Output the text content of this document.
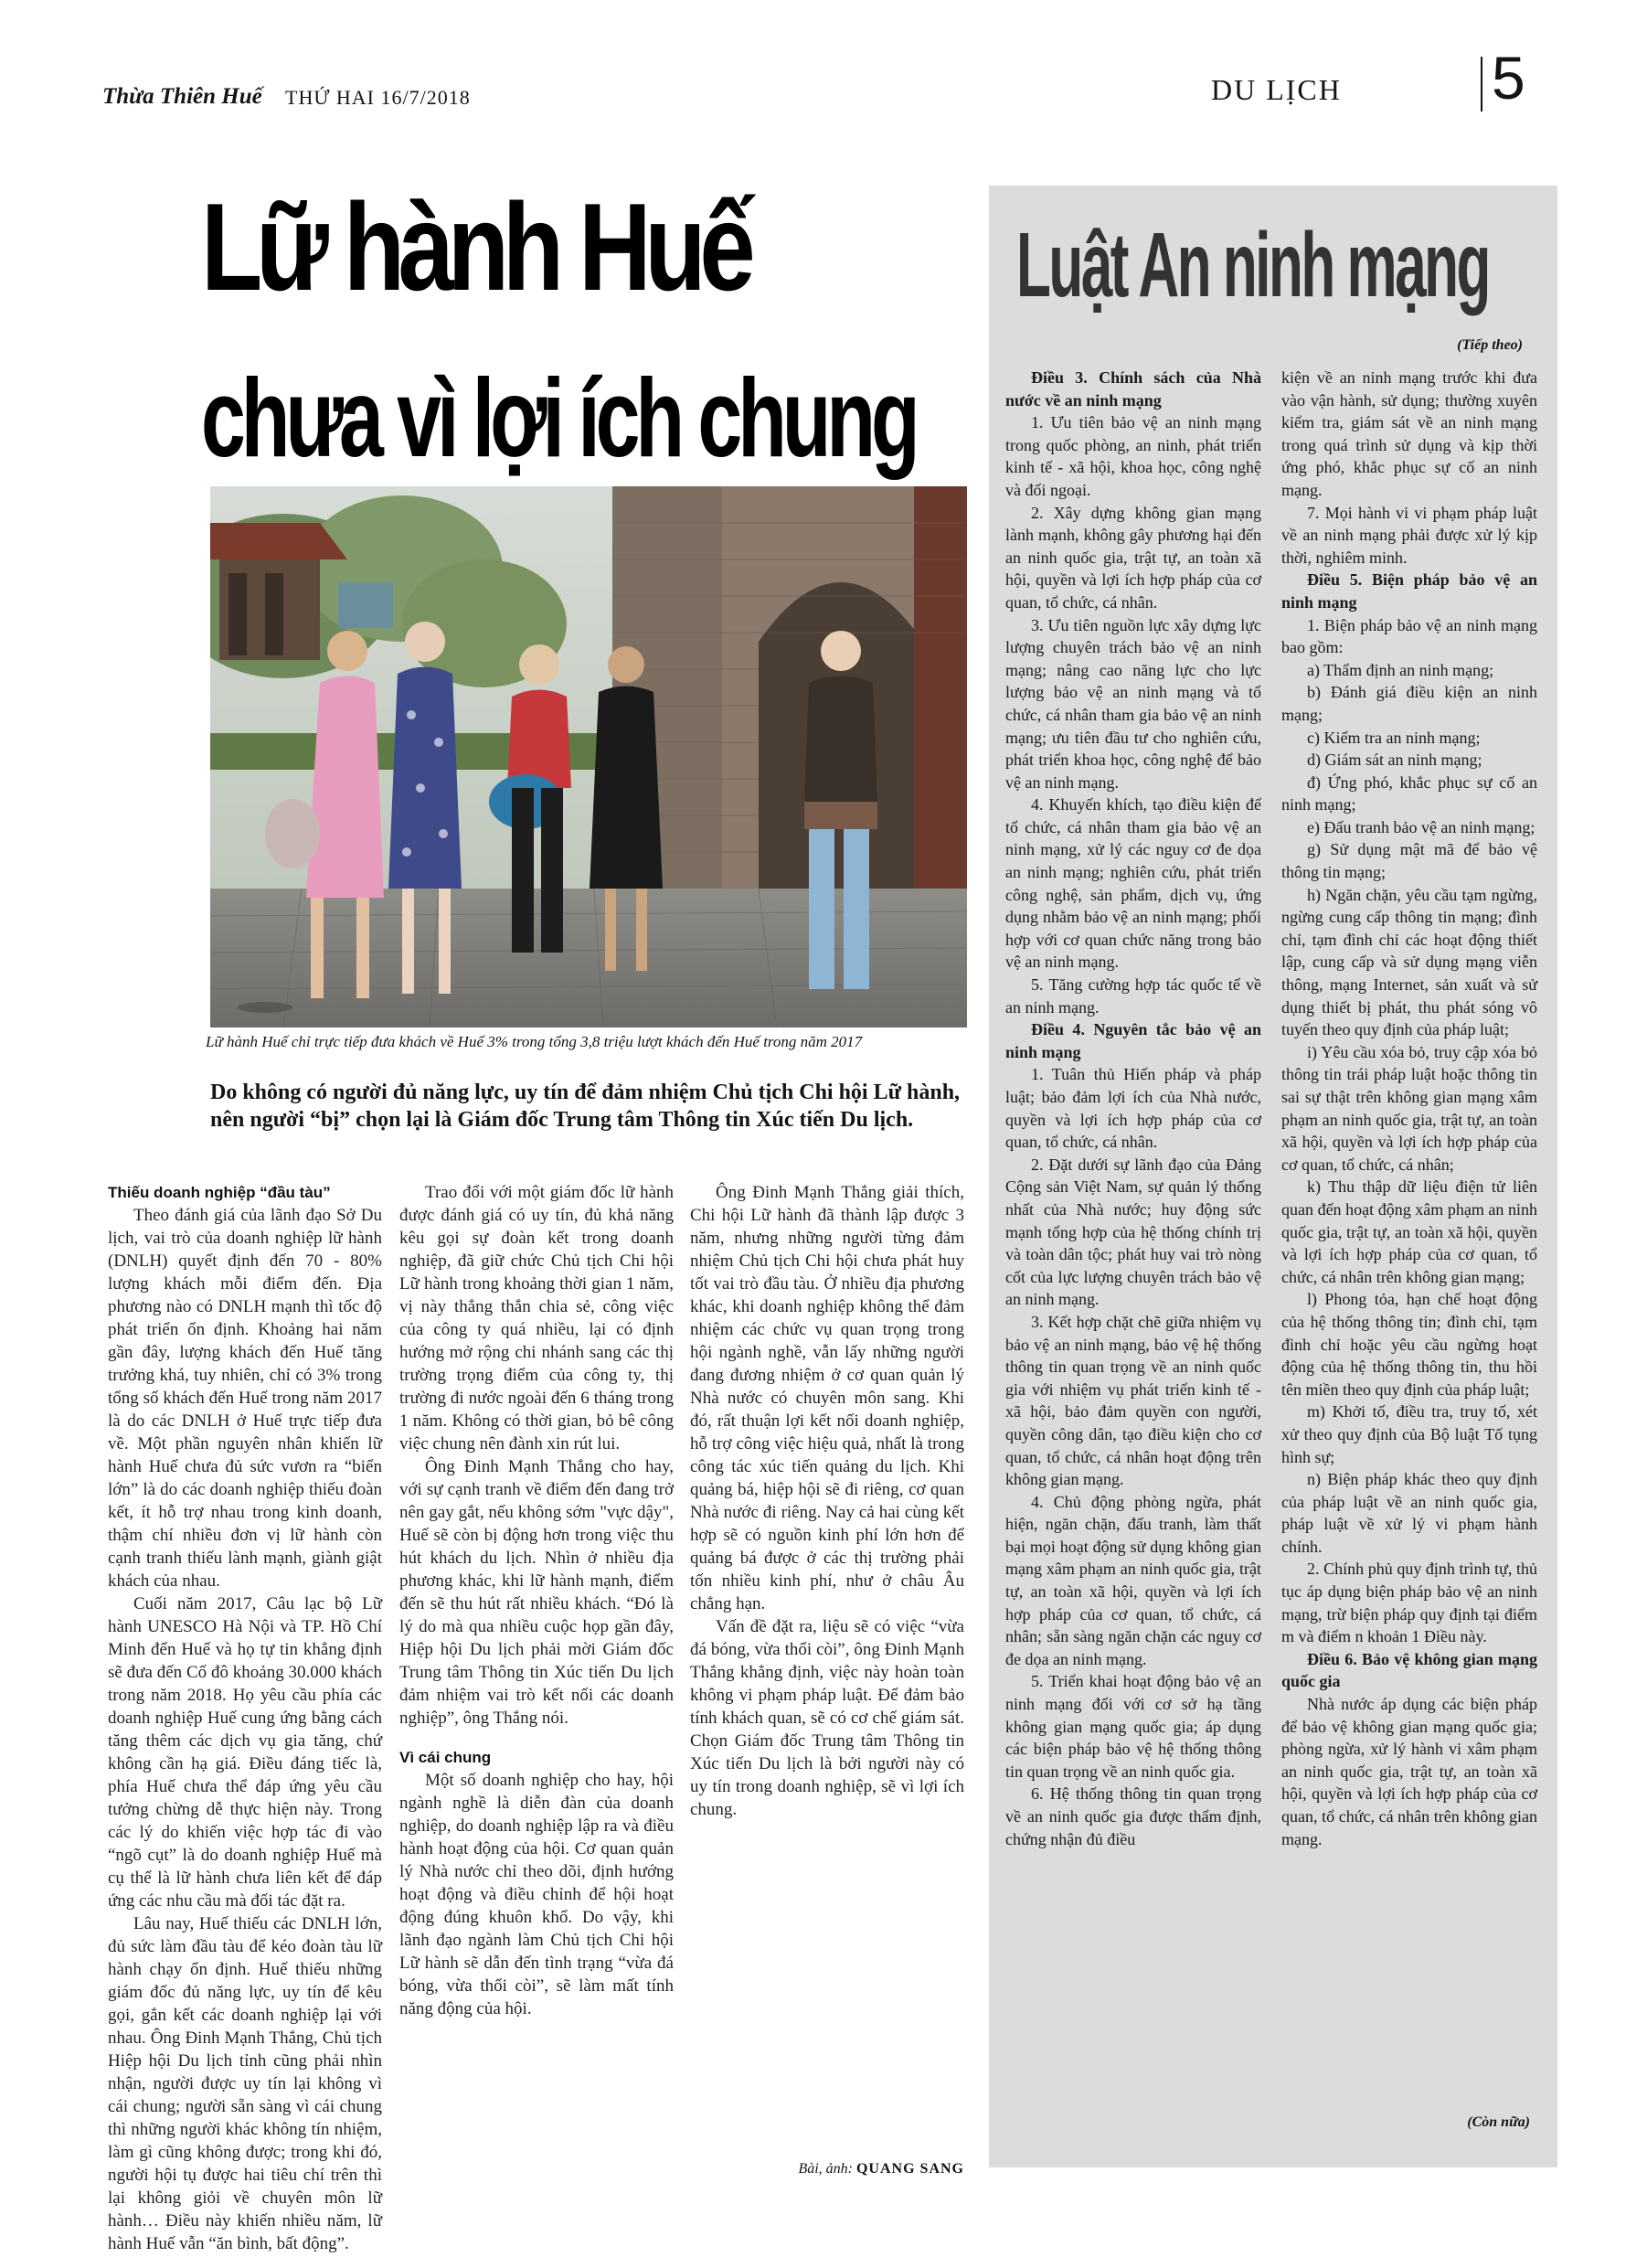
Thừa Thiên Huế THỨ HAI 16/7/2018	DU LỊCH 5
Lữ hành Huế
chưa vì lợi ích chung
Lữ hành Huế chỉ trực tiếp đưa khách về Huế 3% trong tổng 3,8 triệu lượt khách đến Huế trong năm 2017
Do không có người đủ năng lực, uy tín để đảm nhiệm Chủ tịch Chi hội Lữ hành, nên người “bị” chọn lại là Giám đốc Trung tâm Thông tin Xúc tiến Du lịch.

Thiếu doanh nghiệp “đầu tàu”

Theo đánh giá của lãnh đạo Sở Du lịch, vai trò của doanh nghiệp lữ hành (DNLH) quyết định đến 70 - 80% lượng khách mỗi điểm đến. Địa phương nào có DNLH mạnh thì tốc độ phát triển ổn định. Khoảng hai năm gần đây, lượng khách đến Huế tăng trưởng khá, tuy nhiên, chỉ có 3% trong tổng số khách đến Huế trong năm 2017 là do các DNLH ở Huế trực tiếp đưa về. Một phần nguyên nhân khiến lữ hành Huế chưa đủ sức vươn ra “biển lớn” là do các doanh nghiệp thiếu đoàn kết, ít hỗ trợ nhau trong kinh doanh, thậm chí nhiều đơn vị lữ hành còn cạnh tranh thiếu lành mạnh, giành giật khách của nhau.

Cuối năm 2017, Câu lạc bộ Lữ hành UNESCO Hà Nội và TP. Hồ Chí Minh đến Huế và họ tự tin khẳng định sẽ đưa đến Cố đô khoảng 30.000 khách trong năm 2018. Họ yêu cầu phía các doanh nghiệp Huế cung ứng bằng cách tăng thêm các dịch vụ gia tăng, chứ không cần hạ giá. Điều đáng tiếc là, phía Huế chưa thể đáp ứng yêu cầu tưởng chừng dễ thực hiện này. Trong các lý do khiến việc hợp tác đi vào “ngõ cụt” là do doanh nghiệp Huế mà cụ thể là lữ hành chưa liên kết để đáp ứng các nhu cầu mà đối tác đặt ra.

Lâu nay, Huế thiếu các DNLH lớn, đủ sức làm đầu tàu để kéo đoàn tàu lữ hành chạy ổn định. Huế thiếu những giám đốc đủ năng lực, uy tín để kêu gọi, gắn kết các doanh nghiệp lại với nhau. Ông Đinh Mạnh Thắng, Chủ tịch Hiệp hội Du lịch tỉnh cũng phải nhìn nhận, người được uy tín lại không vì cái chung; người sẵn sàng vì cái chung thì những người khác không tín nhiệm, làm gì cũng không được; trong khi đó, người hội tụ được hai tiêu chí trên thì lại không giỏi về chuyên môn lữ hành… Điều này khiến nhiều năm, lữ hành Huế vẫn “ăn bình, bất động”.

Trao đổi với một giám đốc lữ hành được đánh giá có uy tín, đủ khả năng kêu gọi sự đoàn kết trong doanh nghiệp, đã giữ chức Chủ tịch Chi hội Lữ hành trong khoảng thời gian 1 năm, vị này thẳng thắn chia sẻ, công việc của công ty quá nhiều, lại có định hướng mở rộng chi nhánh sang các thị trường trọng điểm của công ty, thị trường đi nước ngoài đến 6 tháng trong 1 năm. Không có thời gian, bỏ bê công việc chung nên đành xin rút lui.

Ông Đinh Mạnh Thắng cho hay, với sự cạnh tranh về điểm đến đang trở nên gay gắt, nếu không sớm "vực dậy", Huế sẽ còn bị động hơn trong việc thu hút khách du lịch. Nhìn ở nhiều địa phương khác, khi lữ hành mạnh, điểm đến sẽ thu hút rất nhiều khách. “Đó là lý do mà qua nhiều cuộc họp gần đây, Hiệp hội Du lịch phải mời Giám đốc Trung tâm Thông tin Xúc tiến Du lịch đảm nhiệm vai trò kết nối các doanh nghiệp”, ông Thắng nói.

Vì cái chung

Một số doanh nghiệp cho hay, hội ngành nghề là diễn đàn của doanh nghiệp, do doanh nghiệp lập ra và điều hành hoạt động của hội. Cơ quan quản lý Nhà nước chỉ theo dõi, định hướng hoạt động và điều chỉnh để hội hoạt động đúng khuôn khổ. Do vậy, khi lãnh đạo ngành làm Chủ tịch Chi hội Lữ hành sẽ dẫn đến tình trạng “vừa đá bóng, vừa thổi còi”, sẽ làm mất tính năng động của hội.

Ông Đinh Mạnh Thắng giải thích, Chi hội Lữ hành đã thành lập được 3 năm, nhưng những người từng đảm nhiệm Chủ tịch Chi hội chưa phát huy tốt vai trò đầu tàu. Ở nhiều địa phương khác, khi doanh nghiệp không thể đảm nhiệm các chức vụ quan trọng trong hội ngành nghề, vẫn lấy những người đang đương nhiệm ở cơ quan quản lý Nhà nước có chuyên môn sang. Khi đó, rất thuận lợi kết nối doanh nghiệp, hỗ trợ công việc hiệu quả, nhất là trong công tác xúc tiến quảng du lịch. Khi quảng bá, hiệp hội sẽ đi riêng, cơ quan Nhà nước đi riêng. Nay cả hai cùng kết hợp sẽ có nguồn kinh phí lớn hơn để quảng bá được ở các thị trường phải tốn nhiều kinh phí, như ở châu Âu chẳng hạn.

Vấn đề đặt ra, liệu sẽ có việc “vừa đá bóng, vừa thổi còi”, ông Đinh Mạnh Thắng khẳng định, việc này hoàn toàn không vi phạm pháp luật. Để đảm bảo tính khách quan, sẽ có cơ chế giám sát. Chọn Giám đốc Trung tâm Thông tin Xúc tiến Du lịch là bởi người này có uy tín trong doanh nghiệp, sẽ vì lợi ích chung.

Bài, ảnh: QUANG SANG
Luật An ninh mạng
(Tiếp theo)

Điều 3. Chính sách của Nhà nước về an ninh mạng

1. Ưu tiên bảo vệ an ninh mạng trong quốc phòng, an ninh, phát triển kinh tế - xã hội, khoa học, công nghệ và đối ngoại.

2. Xây dựng không gian mạng lành mạnh, không gây phương hại đến an ninh quốc gia, trật tự, an toàn xã hội, quyền và lợi ích hợp pháp của cơ quan, tổ chức, cá nhân.

3. Ưu tiên nguồn lực xây dựng lực lượng chuyên trách bảo vệ an ninh mạng; nâng cao năng lực cho lực lượng bảo vệ an ninh mạng và tổ chức, cá nhân tham gia bảo vệ an ninh mạng; ưu tiên đầu tư cho nghiên cứu, phát triển khoa học, công nghệ để bảo vệ an ninh mạng.

4. Khuyến khích, tạo điều kiện để tổ chức, cá nhân tham gia bảo vệ an ninh mạng, xử lý các nguy cơ đe dọa an ninh mạng; nghiên cứu, phát triển công nghệ, sản phẩm, dịch vụ, ứng dụng nhằm bảo vệ an ninh mạng; phối hợp với cơ quan chức năng trong bảo vệ an ninh mạng.

5. Tăng cường hợp tác quốc tế về an ninh mạng.

Điều 4. Nguyên tắc bảo vệ an ninh mạng

1. Tuân thủ Hiến pháp và pháp luật; bảo đảm lợi ích của Nhà nước, quyền và lợi ích hợp pháp của cơ quan, tổ chức, cá nhân.

2. Đặt dưới sự lãnh đạo của Đảng Cộng sản Việt Nam, sự quản lý thống nhất của Nhà nước; huy động sức mạnh tổng hợp của hệ thống chính trị và toàn dân tộc; phát huy vai trò nòng cốt của lực lượng chuyên trách bảo vệ an ninh mạng.

3. Kết hợp chặt chẽ giữa nhiệm vụ bảo vệ an ninh mạng, bảo vệ hệ thống thông tin quan trọng về an ninh quốc gia với nhiệm vụ phát triển kinh tế - xã hội, bảo đảm quyền con người, quyền công dân, tạo điều kiện cho cơ quan, tổ chức, cá nhân hoạt động trên không gian mạng.

4. Chủ động phòng ngừa, phát hiện, ngăn chặn, đấu tranh, làm thất bại mọi hoạt động sử dụng không gian mạng xâm phạm an ninh quốc gia, trật tự, an toàn xã hội, quyền và lợi ích hợp pháp của cơ quan, tổ chức, cá nhân; sẵn sàng ngăn chặn các nguy cơ đe dọa an ninh mạng.

5. Triển khai hoạt động bảo vệ an ninh mạng đối với cơ sở hạ tầng không gian mạng quốc gia; áp dụng các biện pháp bảo vệ hệ thống thông tin quan trọng về an ninh quốc gia.

6. Hệ thống thông tin quan trọng về an ninh quốc gia được thẩm định, chứng nhận đủ điều

kiện về an ninh mạng trước khi đưa vào vận hành, sử dụng; thường xuyên kiểm tra, giám sát về an ninh mạng trong quá trình sử dụng và kịp thời ứng phó, khắc phục sự cố an ninh mạng.

7. Mọi hành vi vi phạm pháp luật về an ninh mạng phải được xử lý kịp thời, nghiêm minh.

Điều 5. Biện pháp bảo vệ an ninh mạng

1. Biện pháp bảo vệ an ninh mạng bao gồm:

a) Thẩm định an ninh mạng;

b) Đánh giá điều kiện an ninh mạng;

c) Kiểm tra an ninh mạng;

d) Giám sát an ninh mạng;

đ) Ứng phó, khắc phục sự cố an ninh mạng;

e) Đấu tranh bảo vệ an ninh mạng;

g) Sử dụng mật mã để bảo vệ thông tin mạng;

h) Ngăn chặn, yêu cầu tạm ngừng, ngừng cung cấp thông tin mạng; đình chỉ, tạm đình chỉ các hoạt động thiết lập, cung cấp và sử dụng mạng viễn thông, mạng Internet, sản xuất và sử dụng thiết bị phát, thu phát sóng vô tuyến theo quy định của pháp luật;

i) Yêu cầu xóa bỏ, truy cập xóa bỏ thông tin trái pháp luật hoặc thông tin sai sự thật trên không gian mạng xâm phạm an ninh quốc gia, trật tự, an toàn xã hội, quyền và lợi ích hợp pháp của cơ quan, tổ chức, cá nhân;

k) Thu thập dữ liệu điện tử liên quan đến hoạt động xâm phạm an ninh quốc gia, trật tự, an toàn xã hội, quyền và lợi ích hợp pháp của cơ quan, tổ chức, cá nhân trên không gian mạng;

l) Phong tỏa, hạn chế hoạt động của hệ thống thông tin; đình chỉ, tạm đình chỉ hoặc yêu cầu ngừng hoạt động của hệ thống thông tin, thu hồi tên miền theo quy định của pháp luật;

m) Khởi tố, điều tra, truy tố, xét xử theo quy định của Bộ luật Tố tụng hình sự;

n) Biện pháp khác theo quy định của pháp luật về an ninh quốc gia, pháp luật về xử lý vi phạm hành chính.

2. Chính phủ quy định trình tự, thủ tục áp dụng biện pháp bảo vệ an ninh mạng, trừ biện pháp quy định tại điểm m và điểm n khoản 1 Điều này.

Điều 6. Bảo vệ không gian mạng quốc gia

Nhà nước áp dụng các biện pháp để bảo vệ không gian mạng quốc gia; phòng ngừa, xử lý hành vi xâm phạm an ninh quốc gia, trật tự, an toàn xã hội, quyền và lợi ích hợp pháp của cơ quan, tổ chức, cá nhân trên không gian mạng.

(Còn nữa)
